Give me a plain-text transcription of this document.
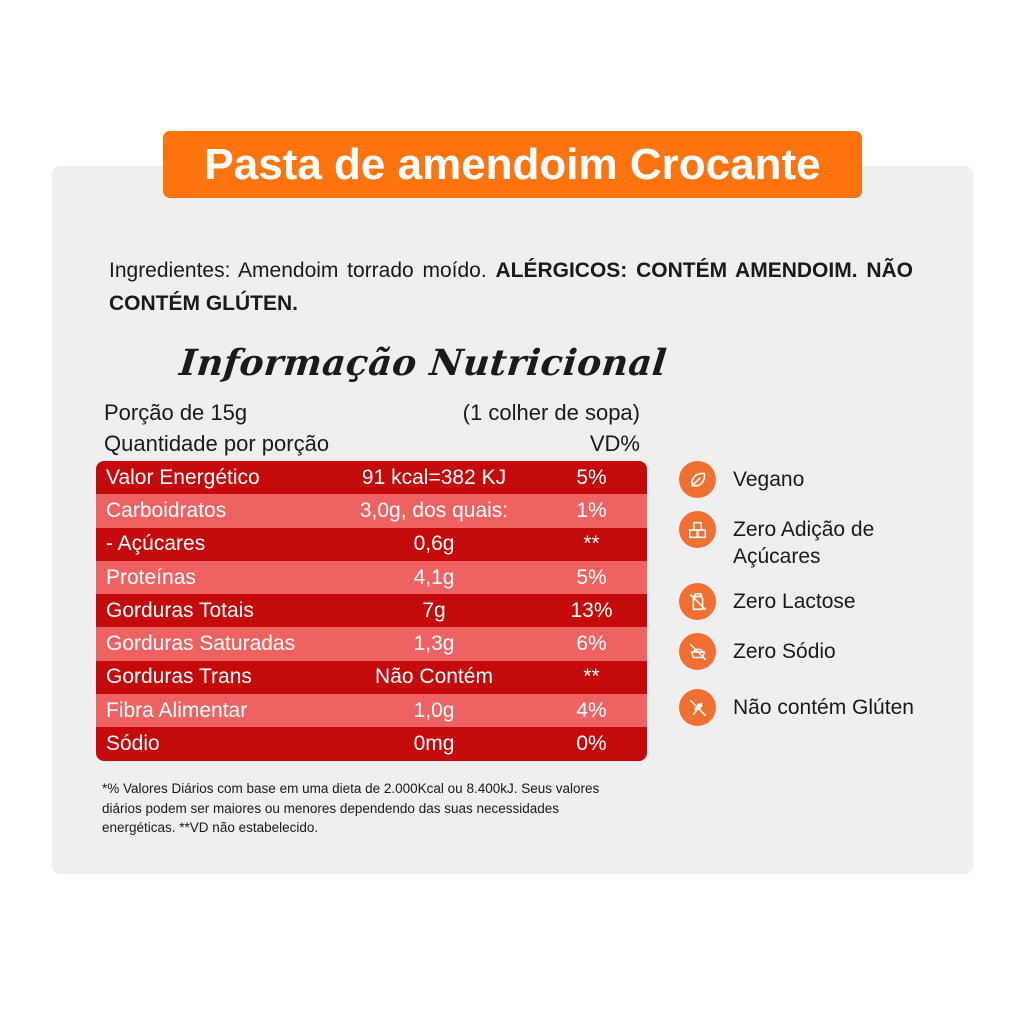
Pasta de amendoim Crocante
Ingredientes: Amendoim torrado moído. ALÉRGICOS: CONTÉM AMENDOIM. NÃO CONTÉM GLÚTEN.
Informação Nutricional
Porção de 15g	(1 colher de sopa)
Quantidade por porção	VD%
Valor Energético	91 kcal=382 KJ	5%
Carboidratos	3,0g, dos quais:	1%
- Açúcares	0,6g	**
Proteínas	4,1g	5%
Gorduras Totais	7g	13%
Gorduras Saturadas	1,3g	6%
Gorduras Trans	Não Contém	**
Fibra Alimentar	1,0g	4%
Sódio	0mg	0%
*% Valores Diários com base em uma dieta de 2.000Kcal ou 8.400kJ. Seus valores diários podem ser maiores ou menores dependendo das suas necessidades energéticas. **VD não estabelecido.
Vegano
Zero Adição de Açúcares
Zero Lactose
Zero Sódio
Não contém Glúten
